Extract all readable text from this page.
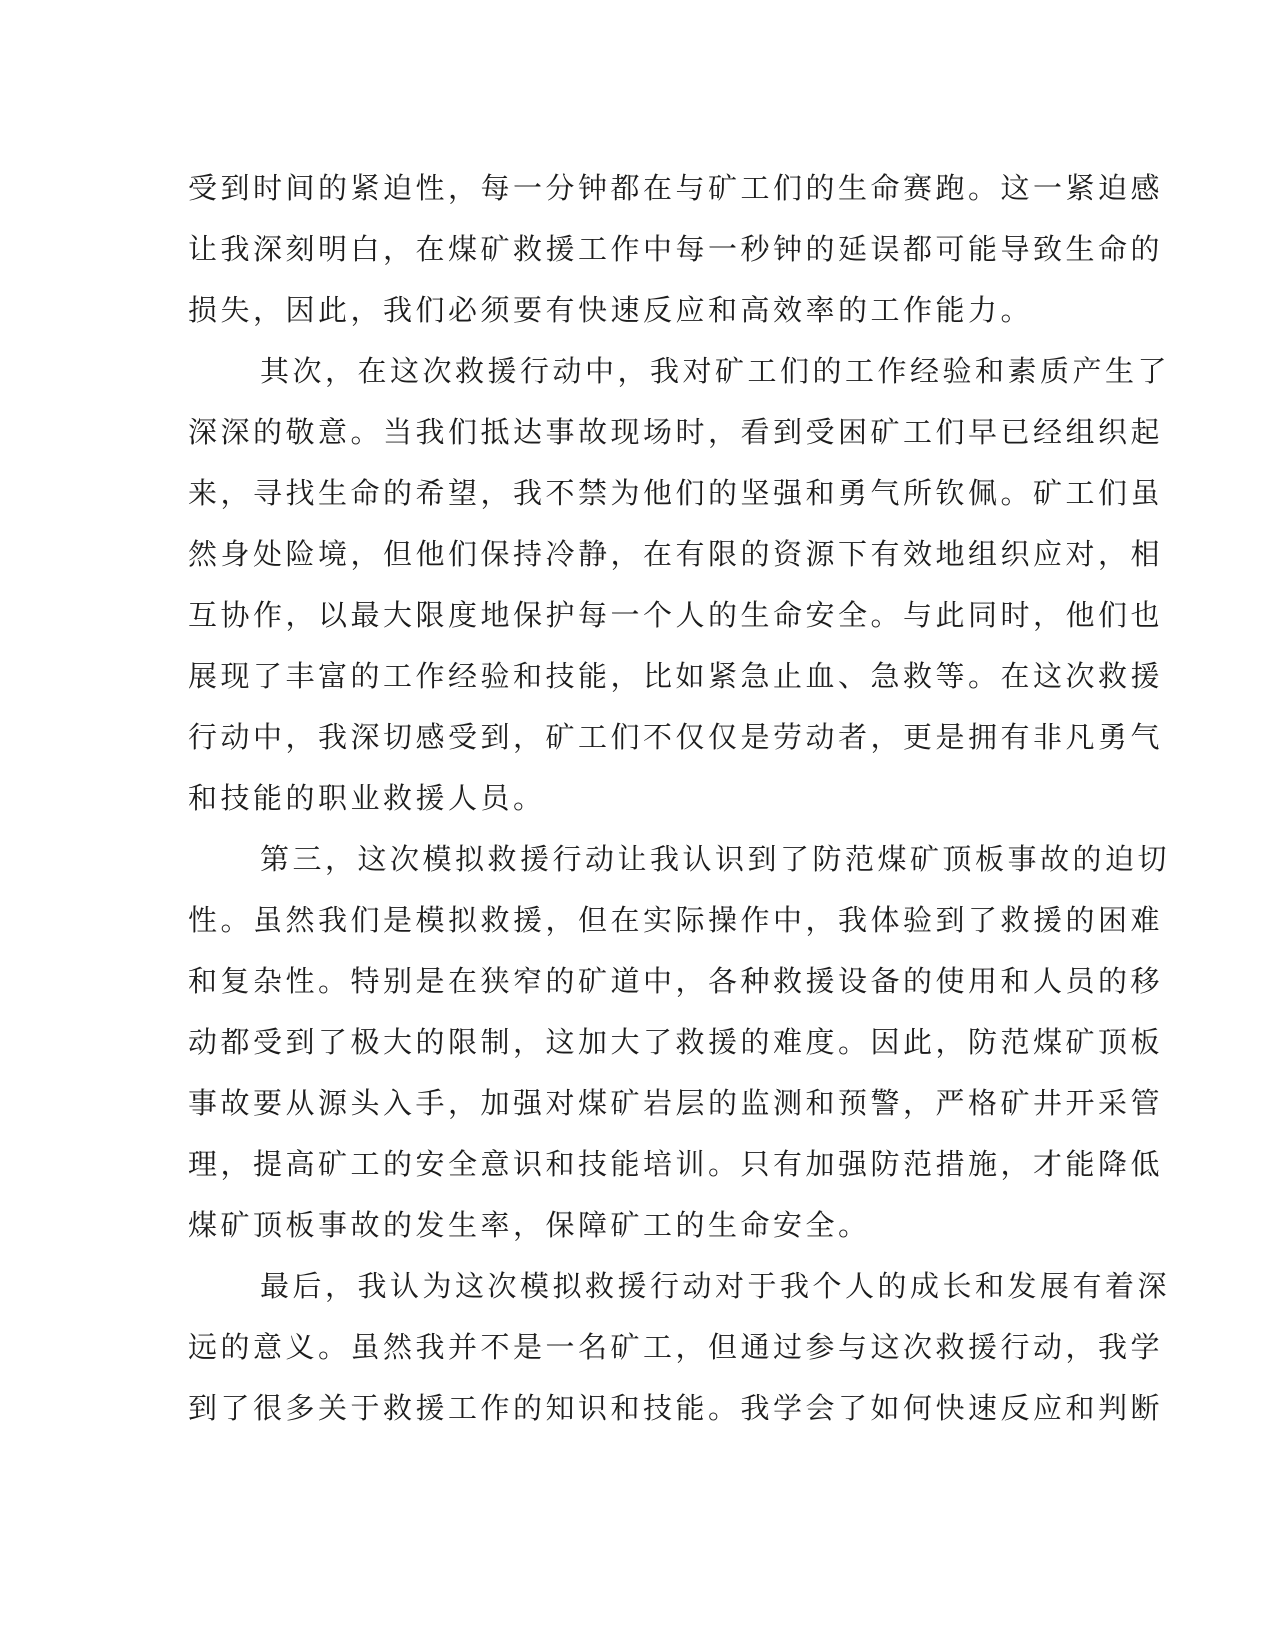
受到时间的紧迫性，每一分钟都在与矿工们的生命赛跑。这一紧迫感
让我深刻明白，在煤矿救援工作中每一秒钟的延误都可能导致生命的
损失，因此，我们必须要有快速反应和高效率的工作能力。
其次，在这次救援行动中，我对矿工们的工作经验和素质产生了
深深的敬意。当我们抵达事故现场时，看到受困矿工们早已经组织起
来，寻找生命的希望，我不禁为他们的坚强和勇气所钦佩。矿工们虽
然身处险境，但他们保持冷静，在有限的资源下有效地组织应对，相
互协作，以最大限度地保护每一个人的生命安全。与此同时，他们也
展现了丰富的工作经验和技能，比如紧急止血、急救等。在这次救援
行动中，我深切感受到，矿工们不仅仅是劳动者，更是拥有非凡勇气
和技能的职业救援人员。
第三，这次模拟救援行动让我认识到了防范煤矿顶板事故的迫切
性。虽然我们是模拟救援，但在实际操作中，我体验到了救援的困难
和复杂性。特别是在狭窄的矿道中，各种救援设备的使用和人员的移
动都受到了极大的限制，这加大了救援的难度。因此，防范煤矿顶板
事故要从源头入手，加强对煤矿岩层的监测和预警，严格矿井开采管
理，提高矿工的安全意识和技能培训。只有加强防范措施，才能降低
煤矿顶板事故的发生率，保障矿工的生命安全。
最后，我认为这次模拟救援行动对于我个人的成长和发展有着深
远的意义。虽然我并不是一名矿工，但通过参与这次救援行动，我学
到了很多关于救援工作的知识和技能。我学会了如何快速反应和判断
